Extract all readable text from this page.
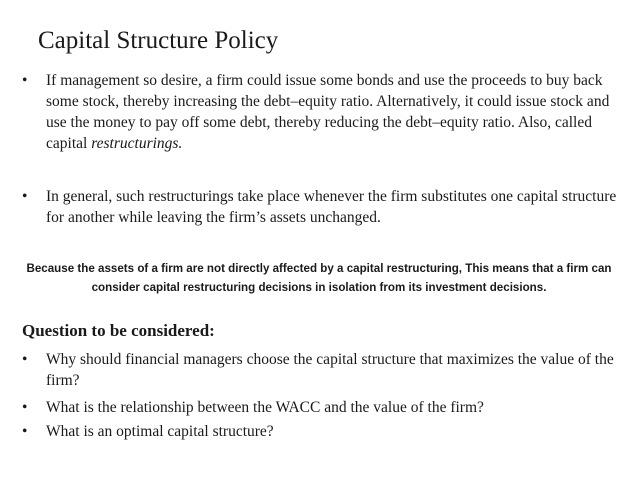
Capital Structure Policy
• If management so desire, a firm could issue some bonds and use the proceeds to buy back some stock, thereby increasing the debt–equity ratio. Alternatively, it could issue stock and use the money to pay off some debt, thereby reducing the debt–equity ratio. Also, called capital restructurings.
• In general, such restructurings take place whenever the firm substitutes one capital structure for another while leaving the firm’s assets unchanged.
Because the assets of a firm are not directly affected by a capital restructuring, This means that a firm can consider capital restructuring decisions in isolation from its investment decisions.
Question to be considered:
• Why should financial managers choose the capital structure that maximizes the value of the firm?
• What is the relationship between the WACC and the value of the firm?
• What is an optimal capital structure?
